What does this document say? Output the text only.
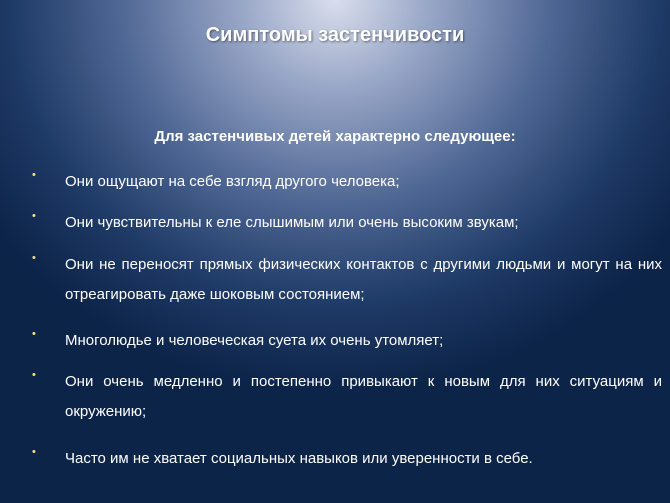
Симптомы застенчивости
Для застенчивых детей характерно следующее:
• Они ощущают на себе взгляд другого человека;
• Они чувствительны к еле слышимым или очень высоким звукам;
• Они не переносят прямых физических контактов с другими людьми и могут на них отреагировать даже шоковым состоянием;
• Многолюдье и человеческая суета их очень утомляет;
• Они очень медленно и постепенно привыкают к новым для них ситуациям и окружению;
• Часто им не хватает социальных навыков или уверенности в себе.
